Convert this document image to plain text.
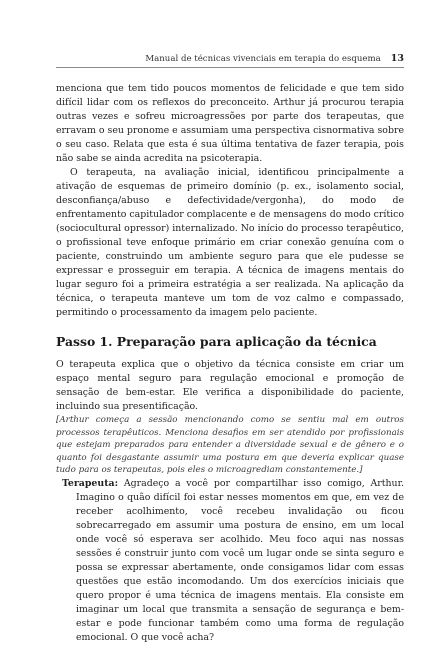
Manual de técnicas vivenciais em terapia do esquema 13

menciona que tem tido poucos momentos de felicidade e que tem sido difícil lidar com os reflexos do preconceito. Arthur já procurou terapia outras vezes e sofreu microagressões por parte dos terapeutas, que erravam o seu pronome e assumiam uma perspectiva cisnormativa sobre o seu caso. Relata que esta é sua última tentativa de fazer terapia, pois não sabe se ainda acredita na psicoterapia.

O terapeuta, na avaliação inicial, identificou principalmente a ativação de esquemas de primeiro domínio (p. ex., isolamento social, desconfiança/abuso e defectividade/vergonha), do modo de enfrentamento capitulador complacente e de mensagens do modo crítico (sociocultural opressor) internalizado. No início do processo terapêutico, o profissional teve enfoque primário em criar conexão genuína com o paciente, construindo um ambiente seguro para que ele pudesse se expressar e prosseguir em terapia. A técnica de imagens mentais do lugar seguro foi a primeira estratégia a ser realizada. Na aplicação da técnica, o terapeuta manteve um tom de voz calmo e compassado, permitindo o processamento da imagem pelo paciente.

Passo 1. Preparação para aplicação da técnica

O terapeuta explica que o objetivo da técnica consiste em criar um espaço mental seguro para regulação emocional e promoção de sensação de bem-estar. Ele verifica a disponibilidade do paciente, incluindo sua presentificação.

[Arthur começa a sessão mencionando como se sentiu mal em outros processos terapêuticos. Menciona desafios em ser atendido por profissionais que estejam preparados para entender a diversidade sexual e de gênero e o quanto foi desgastante assumir uma postura em que deveria explicar quase tudo para os terapeutas, pois eles o microagrediam constantemente.]

Terapeuta: Agradeço a você por compartilhar isso comigo, Arthur. Imagino o quão difícil foi estar nesses momentos em que, em vez de receber acolhimento, você recebeu invalidação ou ficou sobrecarregado em assumir uma postura de ensino, em um local onde você só esperava ser acolhido. Meu foco aqui nas nossas sessões é construir junto com você um lugar onde se sinta seguro e possa se expressar abertamente, onde consigamos lidar com essas questões que estão incomodando. Um dos exercícios iniciais que quero propor é uma técnica de imagens mentais. Ela consiste em imaginar um local que transmita a sensação de segurança e bem-estar e pode funcionar também como uma forma de regulação emocional. O que você acha?
